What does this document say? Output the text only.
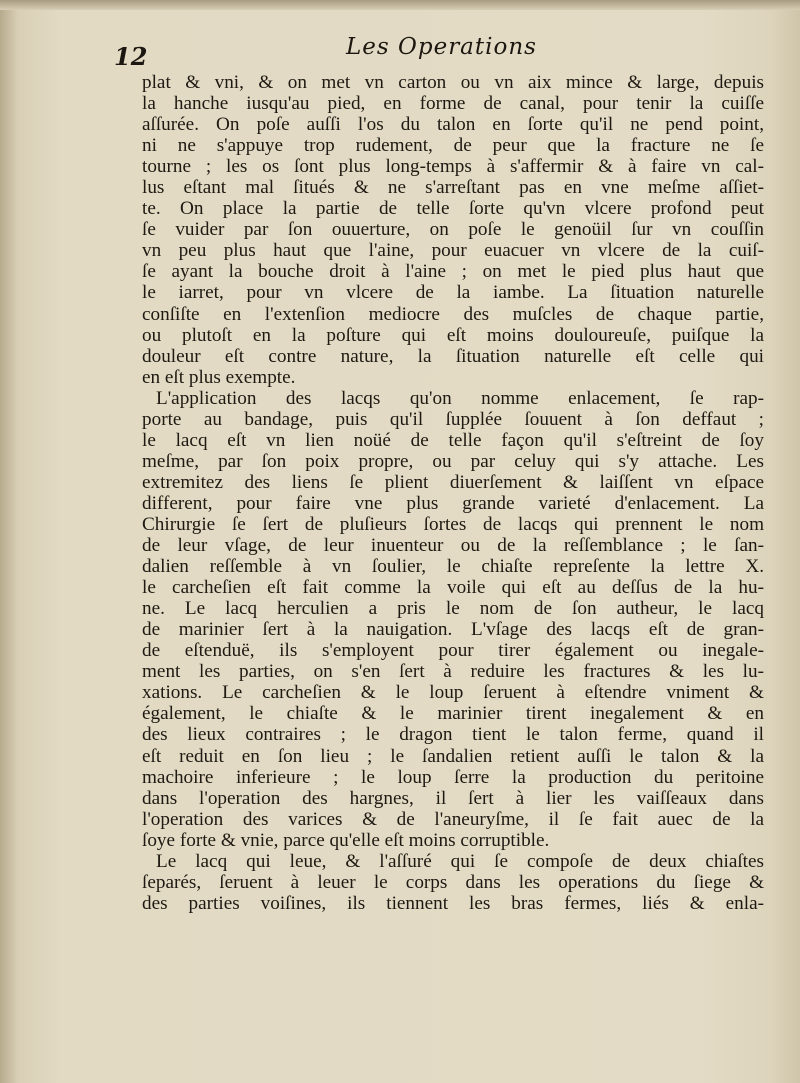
12	Les Operations
plat & vni, & on met vn carton ou vn aix mince & large, depuis
la hanche iusqu'au pied, en forme de canal, pour tenir la cuiſſe
aſſurée. On poſe auſſi l'os du talon en ſorte qu'il ne pend point,
ni ne s'appuye trop rudement, de peur que la fracture ne ſe
tourne ; les os ſont plus long-temps à s'affermir & à faire vn cal-
lus eſtant mal ſitués & ne s'arreſtant pas en vne meſme aſſiet-
te. On place la partie de telle ſorte qu'vn vlcere profond peut
ſe vuider par ſon ouuerture, on poſe le genoüil ſur vn couſſin
vn peu plus haut que l'aine, pour euacuer vn vlcere de la cuiſ-
ſe ayant la bouche droit à l'aine ; on met le pied plus haut que
le iarret, pour vn vlcere de la iambe. La ſituation naturelle
conſiſte en l'extenſion mediocre des muſcles de chaque partie,
ou plutoſt en la poſture qui eſt moins douloureuſe, puiſque la
douleur eſt contre nature, la ſituation naturelle eſt celle qui
en eſt plus exempte.
L'application des lacqs qu'on nomme enlacement, ſe rap-
porte au bandage, puis qu'il ſupplée ſouuent à ſon deffaut ;
le lacq eſt vn lien noüé de telle façon qu'il s'eſtreint de ſoy
meſme, par ſon poix propre, ou par celuy qui s'y attache. Les
extremitez des liens ſe plient diuerſement & laiſſent vn eſpace
different, pour faire vne plus grande varieté d'enlacement. La
Chirurgie ſe ſert de pluſieurs ſortes de lacqs qui prennent le nom
de leur vſage, de leur inuenteur ou de la reſſemblance ; le ſan-
dalien reſſemble à vn ſoulier, le chiaſte repreſente la lettre X.
le carcheſien eſt fait comme la voile qui eſt au deſſus de la hu-
ne. Le lacq herculien a pris le nom de ſon autheur, le lacq
de marinier ſert à la nauigation. L'vſage des lacqs eſt de gran-
de eſtenduë, ils s'employent pour tirer également ou inegale-
ment les parties, on s'en ſert à reduire les fractures & les lu-
xations. Le carcheſien & le loup ſeruent à eſtendre vniment &
également, le chiaſte & le marinier tirent inegalement & en
des lieux contraires ; le dragon tient le talon ferme, quand il
eſt reduit en ſon lieu ; le ſandalien retient auſſi le talon & la
machoire inferieure ; le loup ſerre la production du peritoine
dans l'operation des hargnes, il ſert à lier les vaiſſeaux dans
l'operation des varices & de l'aneuryſme, il ſe fait auec de la
ſoye forte & vnie, parce qu'elle eſt moins corruptible.
Le lacq qui leue, & l'aſſuré qui ſe compoſe de deux chiaſtes
ſeparés, ſeruent à leuer le corps dans les operations du ſiege &
des parties voiſines, ils tiennent les bras fermes, liés & enla-
